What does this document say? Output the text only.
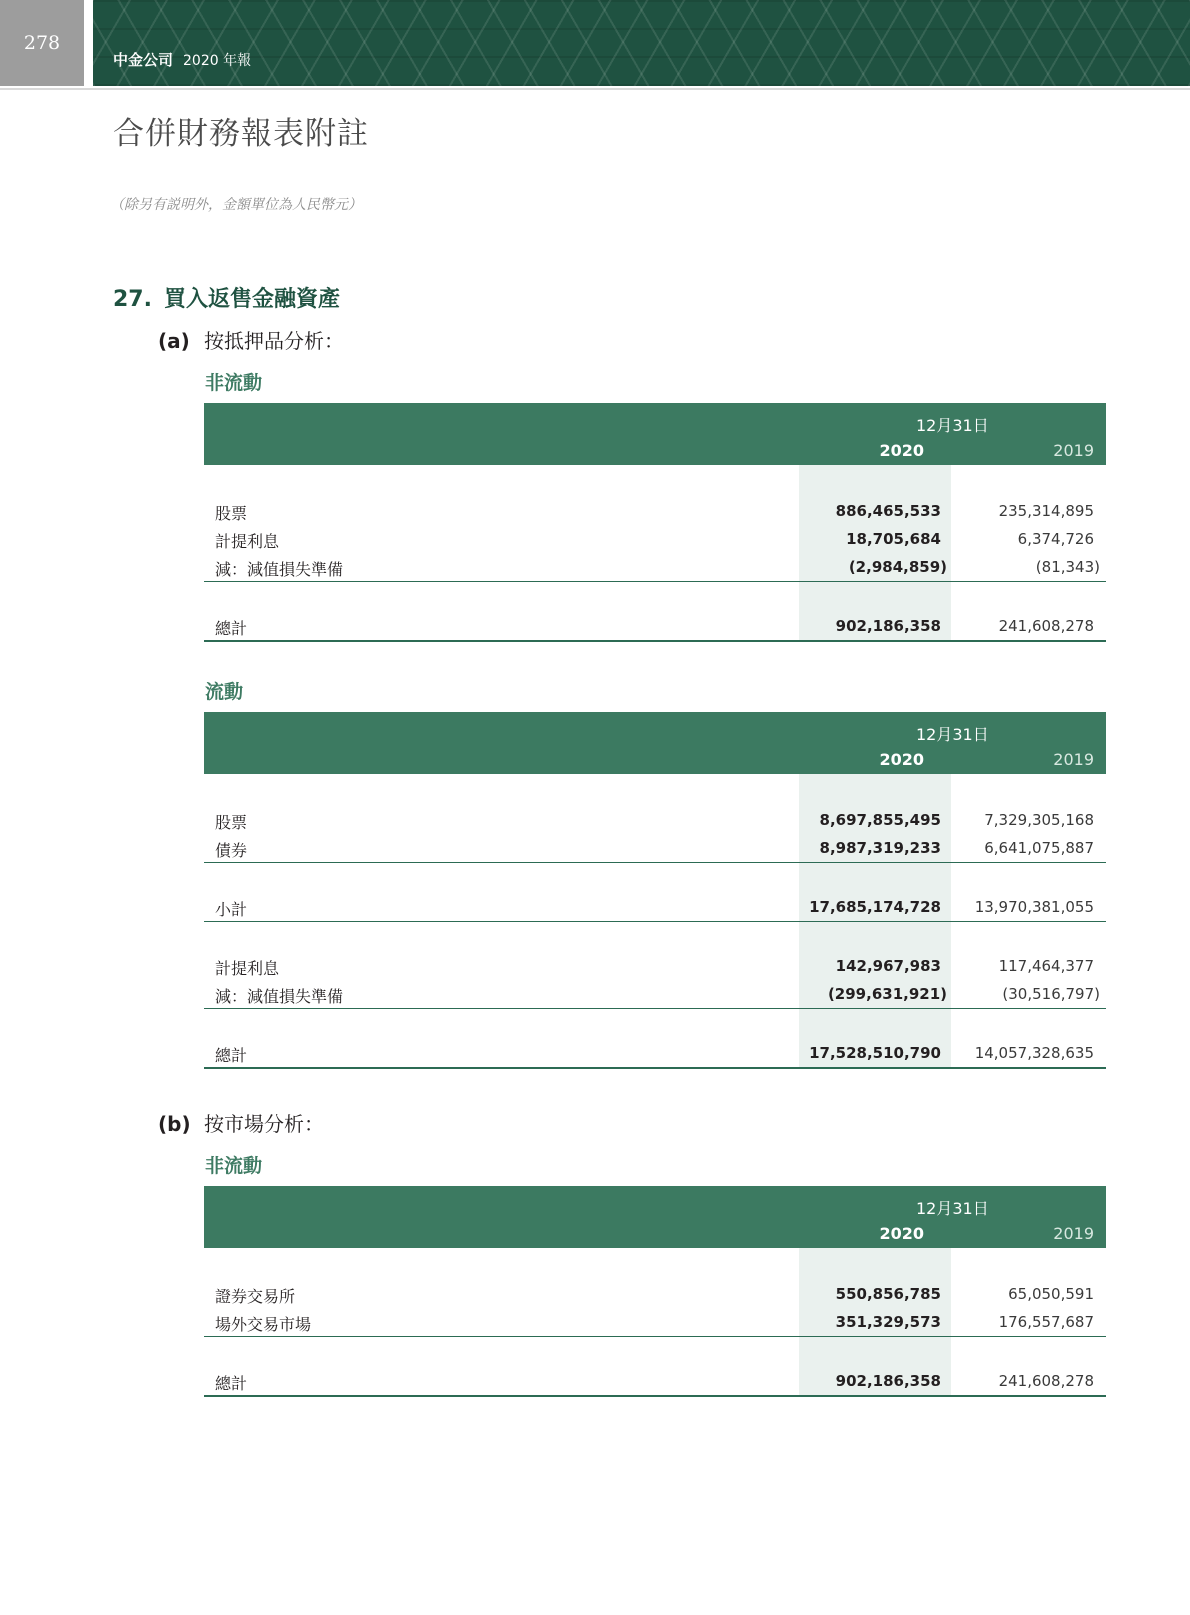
278
中金公司 2020 年報
合併財務報表附註
（除另有説明外，金額單位為人民幣元）
27. 買入返售金融資產
(a) 按抵押品分析：
非流動
12月31日
2020	2019
股票	886,465,533	235,314,895
計提利息	18,705,684	6,374,726
減：減值損失準備	(2,984,859)	(81,343)
總計	902,186,358	241,608,278
流動
12月31日
2020	2019
股票	8,697,855,495	7,329,305,168
債券	8,987,319,233	6,641,075,887
小計	17,685,174,728 13,970,381,055
計提利息	142,967,983	117,464,377
減：減值損失準備	(299,631,921)	(30,516,797)
總計	17,528,510,790 14,057,328,635
(b) 按市場分析：
非流動
12月31日
2020	2019
證券交易所	550,856,785	65,050,591
場外交易市場	351,329,573	176,557,687
總計	902,186,358	241,608,278
